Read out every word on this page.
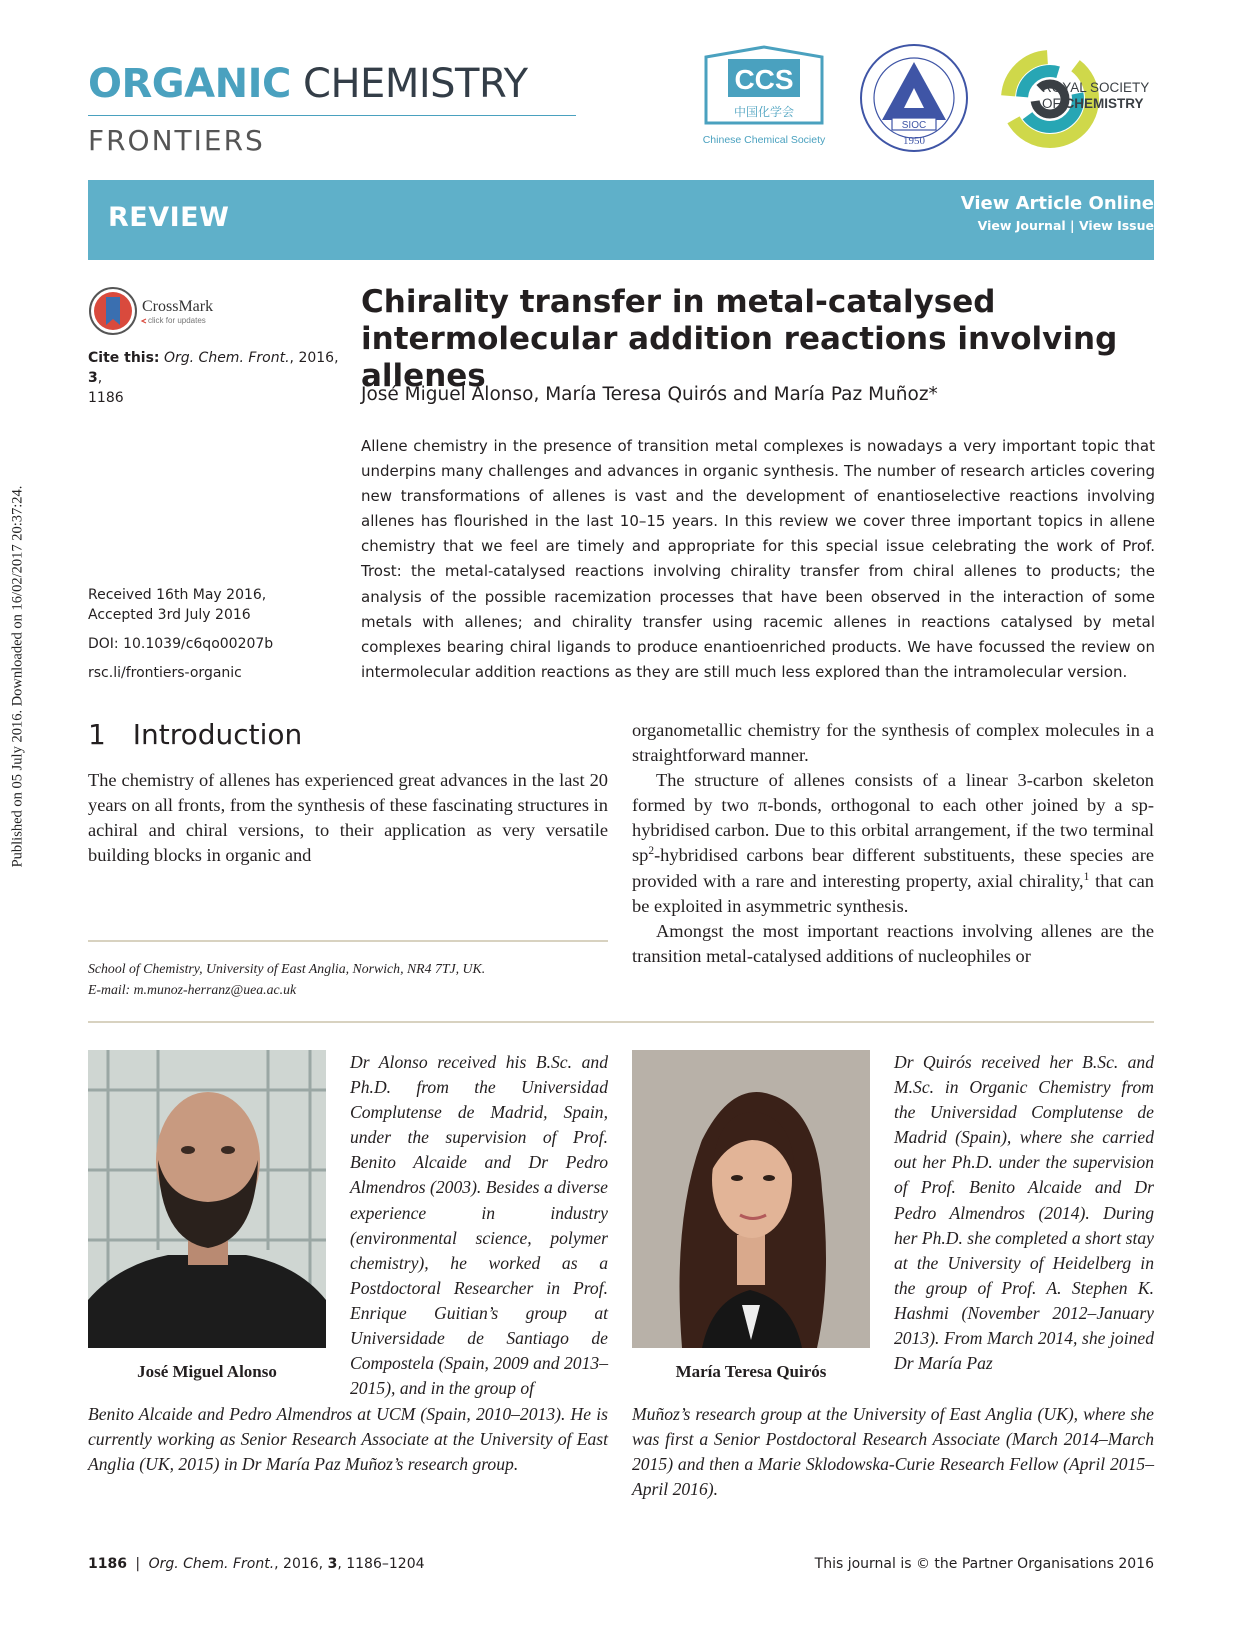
Published on 05 July 2016. Downloaded on 16/02/2017 20:37:24.
ORGANIC CHEMISTRY
FRONTIERS
CCS
中国化学会
Chinese Chemical Society
SIOC
1950
ROYAL SOCIETY
OF CHEMISTRY
REVIEW	View Article Online
View Journal | View Issue
CrossMark
click for updates
Cite this: Org. Chem. Front., 2016, 3,
1186
Received 16th May 2016,
Accepted 3rd July 2016
DOI: 10.1039/c6qo00207b
rsc.li/frontiers-organic
Chirality transfer in metal-catalysed
intermolecular addition reactions involving allenes
José Miguel Alonso, María Teresa Quirós and María Paz Muñoz*
Allene chemistry in the presence of transition metal complexes is nowadays a very important topic that underpins many challenges and advances in organic synthesis. The number of research articles covering new transformations of allenes is vast and the development of enantioselective reactions involving allenes has flourished in the last 10–15 years. In this review we cover three important topics in allene chemistry that we feel are timely and appropriate for this special issue celebrating the work of Prof. Trost: the metal-catalysed reactions involving chirality transfer from chiral allenes to products; the analysis of the possible racemization processes that have been observed in the interaction of some metals with allenes; and chirality transfer using racemic allenes in reactions catalysed by metal complexes bearing chiral ligands to produce enantioenriched products. We have focussed the review on intermolecular addition reactions as they are still much less explored than the intramolecular version.
1 Introduction
The chemistry of allenes has experienced great advances in the last 20 years on all fronts, from the synthesis of these fascinating structures in achiral and chiral versions, to their application as very versatile building blocks in organic and
organometallic chemistry for the synthesis of complex molecules in a straightforward manner.
The structure of allenes consists of a linear 3-carbon skeleton formed by two π-bonds, orthogonal to each other joined by a sp-hybridised carbon. Due to this orbital arrangement, if the two terminal $sp^2$-hybridised carbons bear different substituents, these species are provided with a rare and interesting property, axial chirality,$^1$ that can be exploited in asymmetric synthesis.
Amongst the most important reactions involving allenes are the transition metal-catalysed additions of nucleophiles or
School of Chemistry, University of East Anglia, Norwich, NR4 7TJ, UK.
E-mail: m.munoz-herranz@uea.ac.uk
José Miguel Alonso
Dr Alonso received his B.Sc. and Ph.D. from the Universidad Complutense de Madrid, Spain, under the supervision of Prof. Benito Alcaide and Dr Pedro Almendros (2003). Besides a diverse experience in industry (environmental science, polymer chemistry), he worked as a Postdoctoral Researcher in Prof. Enrique Guitian’s group at Universidade de Santiago de Compostela (Spain, 2009 and 2013–2015), and in the group of
Benito Alcaide and Pedro Almendros at UCM (Spain, 2010–2013). He is currently working as Senior Research Associate at the University of East Anglia (UK, 2015) in Dr María Paz Muñoz’s research group.
María Teresa Quirós
Dr Quirós received her B.Sc. and M.Sc. in Organic Chemistry from the Universidad Complutense de Madrid (Spain), where she carried out her Ph.D. under the supervision of Prof. Benito Alcaide and Dr Pedro Almendros (2014). During her Ph.D. she completed a short stay at the University of Heidelberg in the group of Prof. A. Stephen K. Hashmi (November 2012–January 2013). From March 2014, she joined Dr María Paz
Muñoz’s research group at the University of East Anglia (UK), where she was first a Senior Postdoctoral Research Associate (March 2014–March 2015) and then a Marie Sklodowska-Curie Research Fellow (April 2015–April 2016).
1186 | Org. Chem. Front., 2016, 3, 1186–1204	This journal is © the Partner Organisations 2016
